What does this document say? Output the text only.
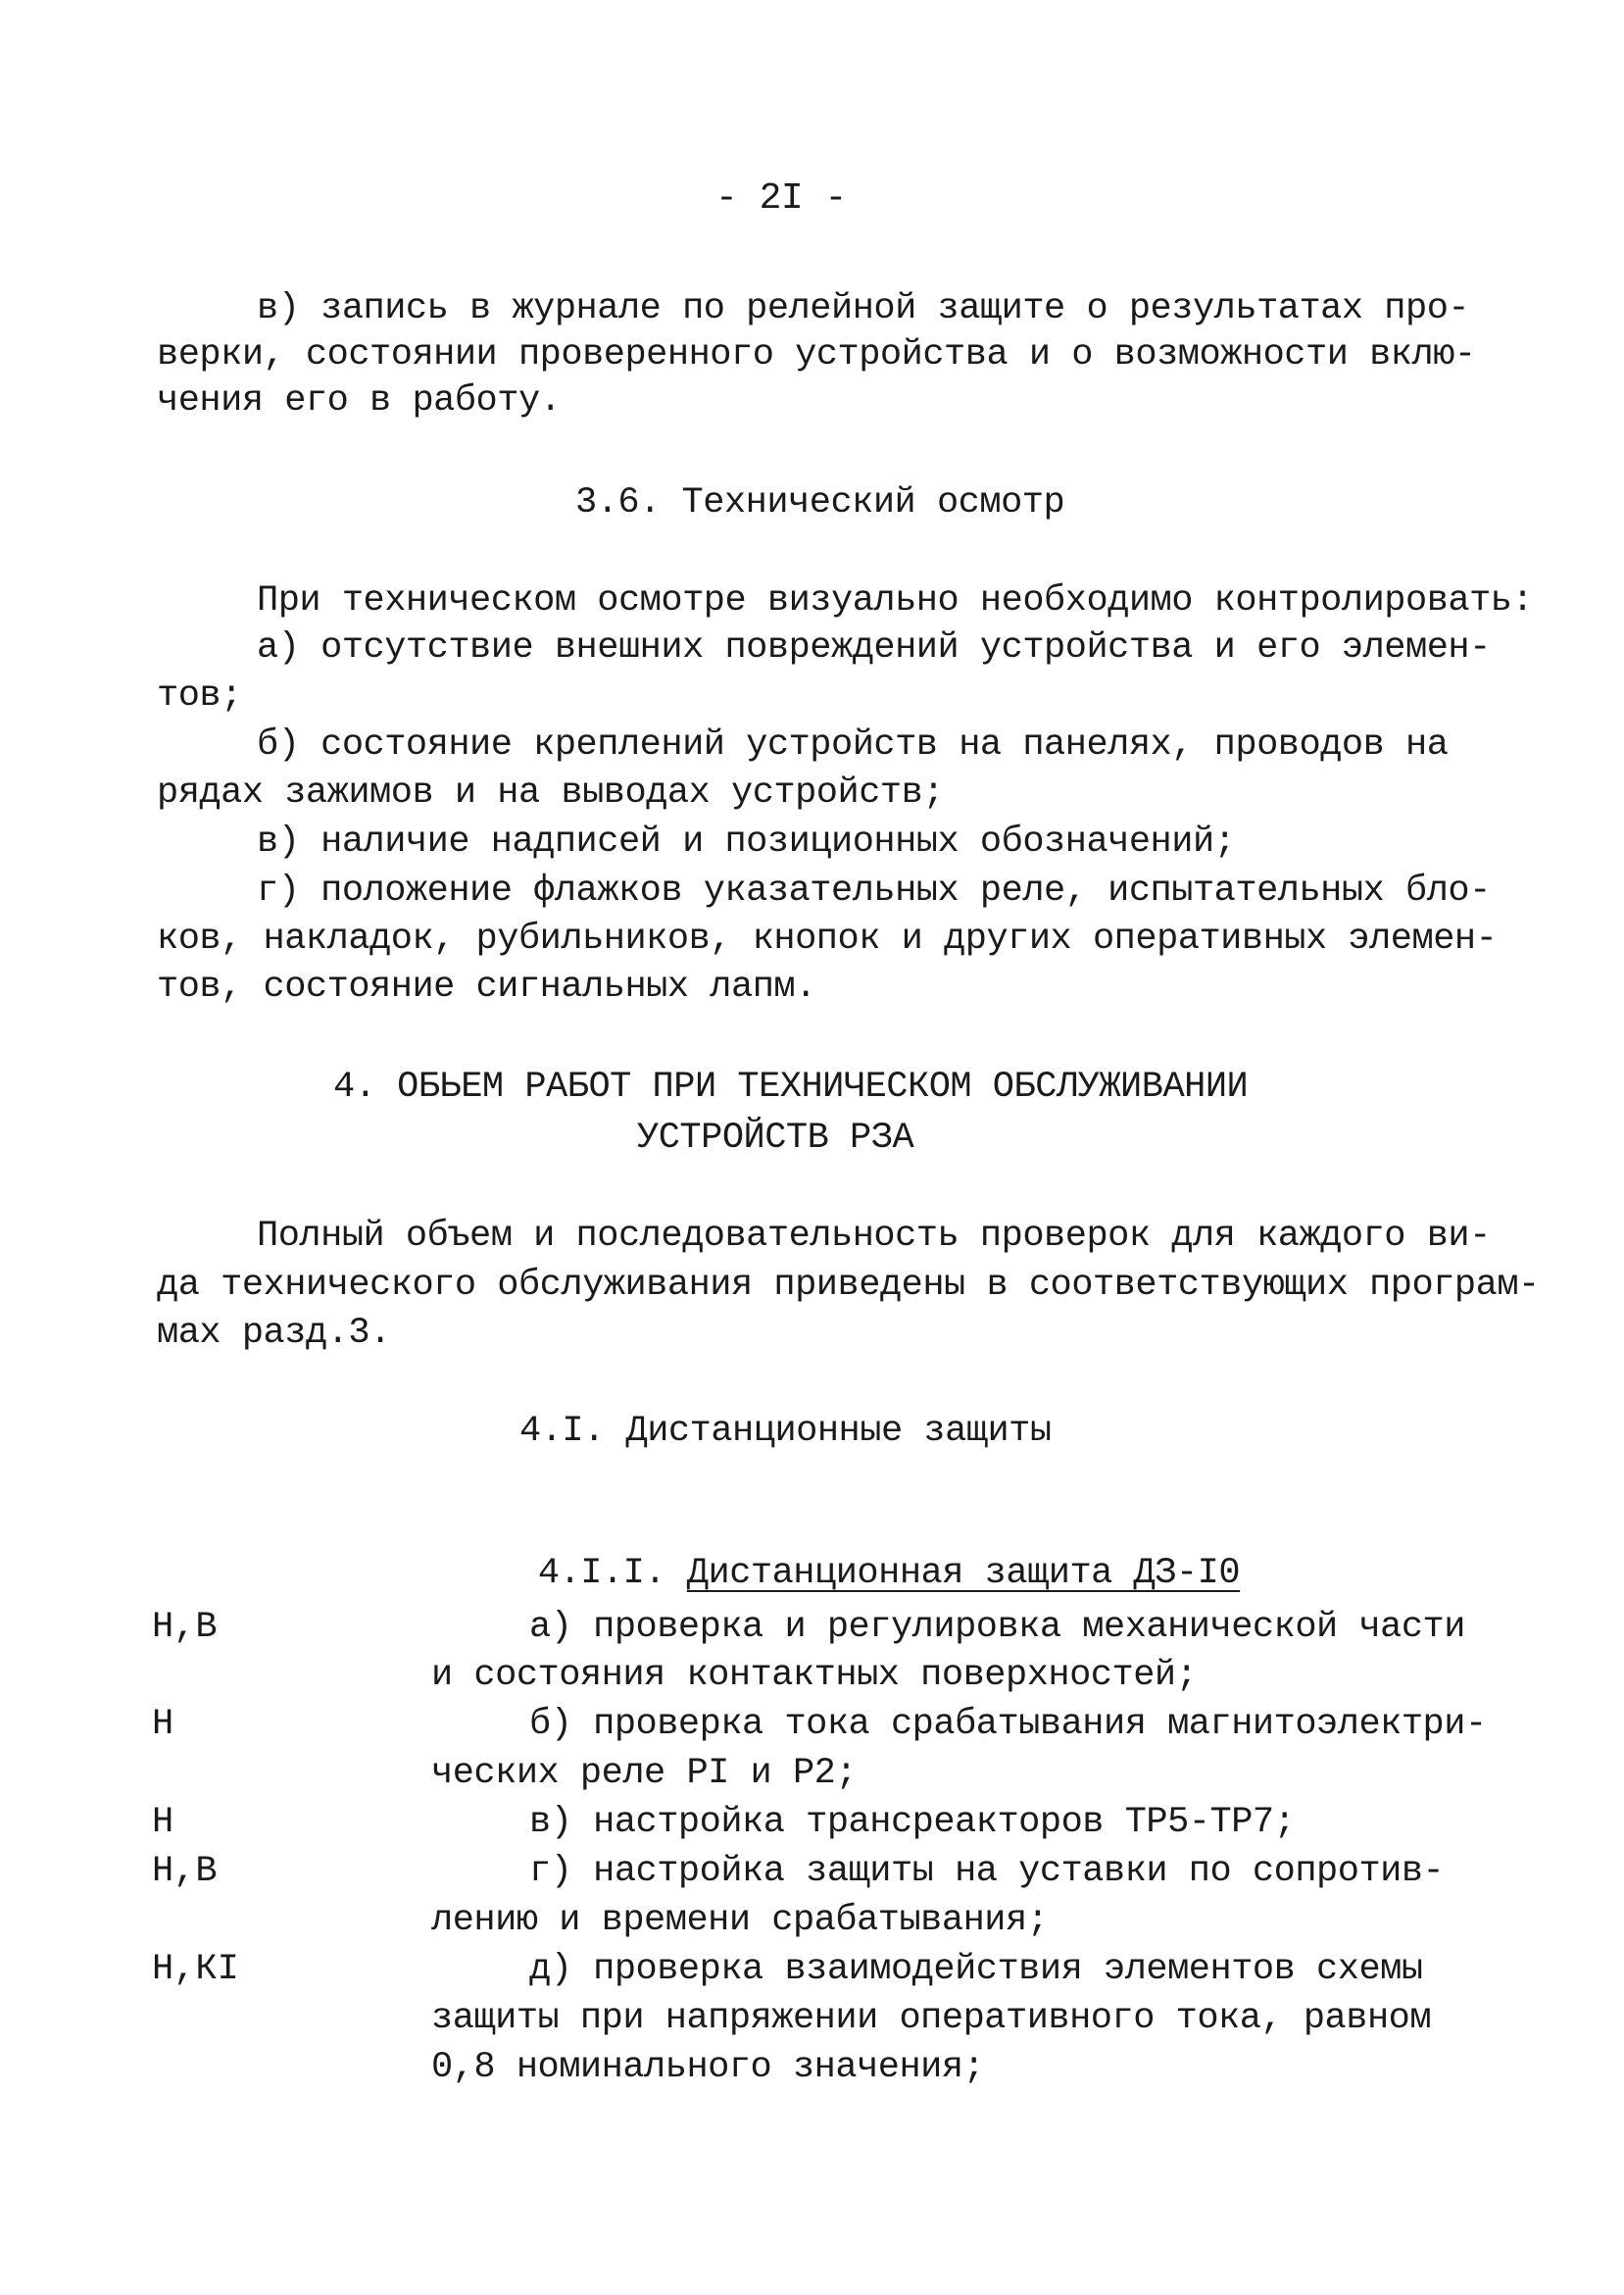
- 2I -
в) запись в журнале по релейной защите о результатах про-
верки, состоянии проверенного устройства и о возможности вклю-
чения его в работу.
3.6. Технический осмотр
При техническом осмотре визуально необходимо контролировать:
а) отсутствие внешних повреждений устройства и его элемен-
тов;
б) состояние креплений устройств на панелях, проводов на
рядах зажимов и на выводах устройств;
в) наличие надписей и позиционных обозначений;
г) положение флажков указательных реле, испытательных бло-
ков, накладок, рубильников, кнопок и других оперативных элемен-
тов, состояние сигнальных лапм.
4. ОБЬЕМ РАБОТ ПРИ ТЕХНИЧЕСКОМ ОБСЛУЖИВАНИИ
УСТРОЙСТВ РЗА
Полный объем и последовательность проверок для каждого ви-
да технического обслуживания приведены в соответствующих програм-
мах разд.3.
4.I. Дистанционные защиты

4.I.I. Дистанционная защита ДЗ-I0

Н,В	а) проверка и регулировка механической части
и состояния контактных поверхностей;
Н	б) проверка тока срабатывания магнитоэлектри-
ческих реле РI и Р2;
Н	в) настройка трансреакторов ТР5-ТР7;
Н,В	г) настройка защиты на уставки по сопротив-
лению и времени срабатывания;
Н,КI	д) проверка взаимодействия элементов схемы
защиты при напряжении оперативного тока, равном
0,8 номинального значения;
